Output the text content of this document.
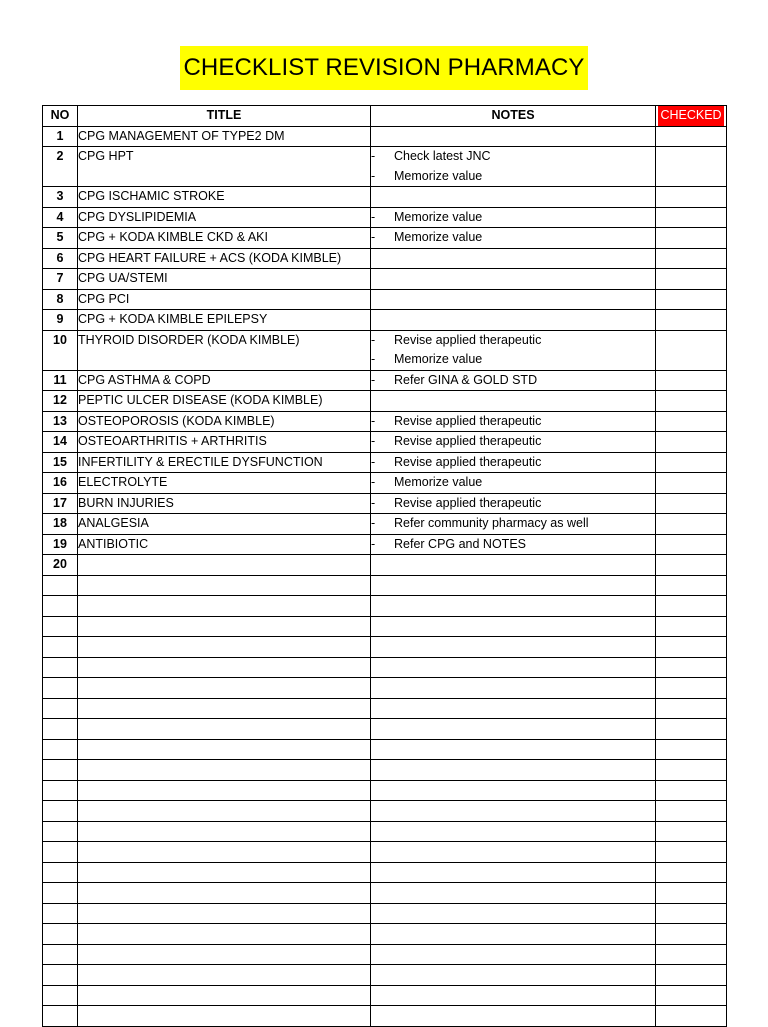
CHECKLIST REVISION PHARMACY
NO	TITLE	NOTES	CHECKED
1	CPG MANAGEMENT OF TYPE2 DM		
2	CPG HPT	- Check latest JNC
- Memorize value	

3	CPG ISCHAMIC STROKE		
4	CPG DYSLIPIDEMIA	- Memorize value	

5	CPG + KODA KIMBLE CKD & AKI	- Memorize value	

6	CPG HEART FAILURE + ACS (KODA KIMBLE)		
7	CPG UA/STEMI		
8	CPG PCI		
9	CPG + KODA KIMBLE EPILEPSY		
10	THYROID DISORDER (KODA KIMBLE)	- Revise applied therapeutic
- Memorize value	

11	CPG ASTHMA & COPD	- Refer GINA & GOLD STD	

12	PEPTIC ULCER DISEASE (KODA KIMBLE)		
13	OSTEOPOROSIS (KODA KIMBLE)	- Revise applied therapeutic	

14	OSTEOARTHRITIS + ARTHRITIS	- Revise applied therapeutic	

15	INFERTILITY & ERECTILE DYSFUNCTION	- Revise applied therapeutic	

16	ELECTROLYTE	- Memorize value	

17	BURN INJURIES	- Revise applied therapeutic	

18	ANALGESIA	- Refer community pharmacy as well	

19	ANTIBIOTIC	- Refer CPG and NOTES	

20			
